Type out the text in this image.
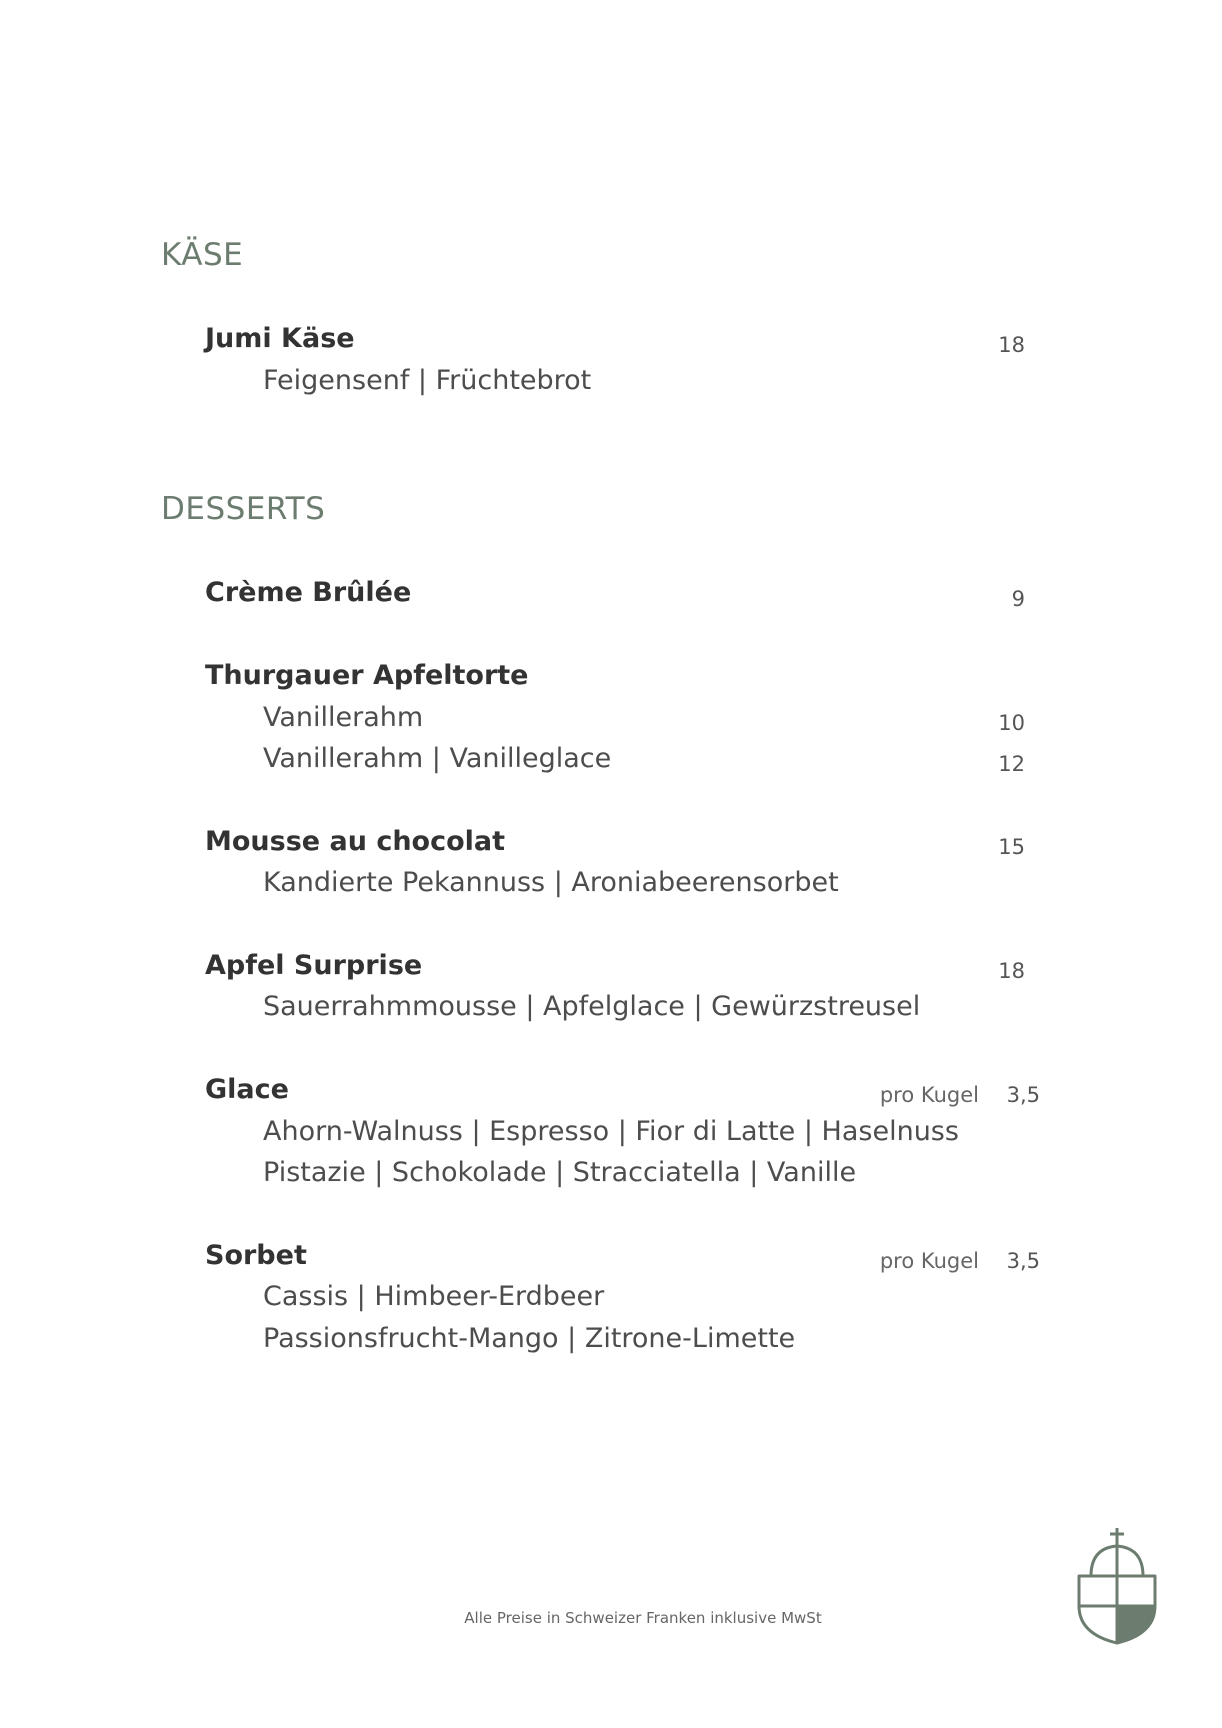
KÄSE
Jumi Käse	18
Feigensenf | Früchtebrot
DESSERTS
Crème Brûlée	9
Thurgauer Apfeltorte
Vanillerahm	10
Vanillerahm | Vanilleglace	12
Mousse au chocolat	15
Kandierte Pekannuss | Aroniabeerensorbet
Apfel Surprise	18
Sauerrahmmousse | Apfelglace | Gewürzstreusel
Glace	pro Kugel 3,5
Ahorn-Walnuss | Espresso | Fior di Latte | Haselnuss
Pistazie | Schokolade | Stracciatella | Vanille
Sorbet	pro Kugel 3,5
Cassis | Himbeer-Erdbeer
Passionsfrucht-Mango | Zitrone-Limette
Alle Preise in Schweizer Franken inklusive MwSt
